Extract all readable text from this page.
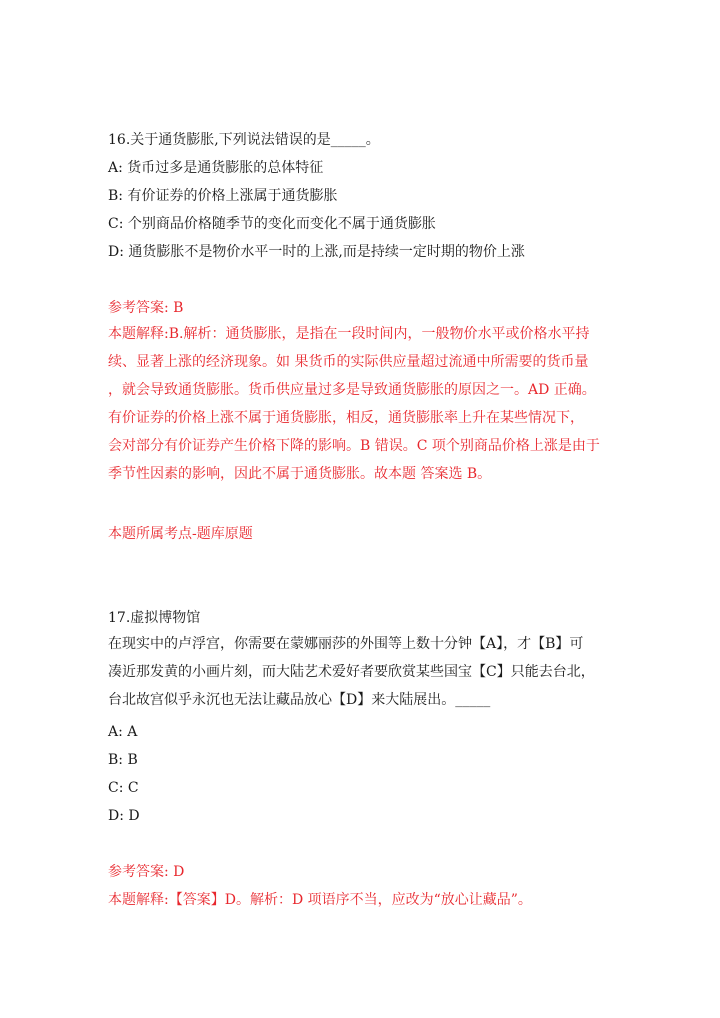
16.关于通货膨胀,下列说法错误的是_____。
A: 货币过多是通货膨胀的总体特征
B: 有价证券的价格上涨属于通货膨胀
C: 个别商品价格随季节的变化而变化不属于通货膨胀
D: 通货膨胀不是物价水平一时的上涨,而是持续一定时期的物价上涨
参考答案: B
本题解释:B.解析：通货膨胀，是指在一段时间内，一般物价水平或价格水平持
续、显著上涨的经济现象。如 果货币的实际供应量超过流通中所需要的货币量
，就会导致通货膨胀。货币供应量过多是导致通货膨胀的原因之一。AD 正确。
有价证券的价格上涨不属于通货膨胀，相反，通货膨胀率上升在某些情况下，
会对部分有价证券产生价格下降的影响。B 错误。C 项个别商品价格上涨是由于
季节性因素的影响，因此不属于通货膨胀。故本题 答案选 B。
本题所属考点-题库原题
17.虚拟博物馆
在现实中的卢浮宫，你需要在蒙娜丽莎的外围等上数十分钟【A】，才【B】可
凑近那发黄的小画片刻，而大陆艺术爱好者要欣赏某些国宝【C】只能去台北，
台北故宫似乎永沉也无法让藏品放心【D】来大陆展出。_____
A: A
B: B
C: C
D: D
参考答案: D
本题解释:【答案】D。解析：D 项语序不当，应改为“放心让藏品”。
